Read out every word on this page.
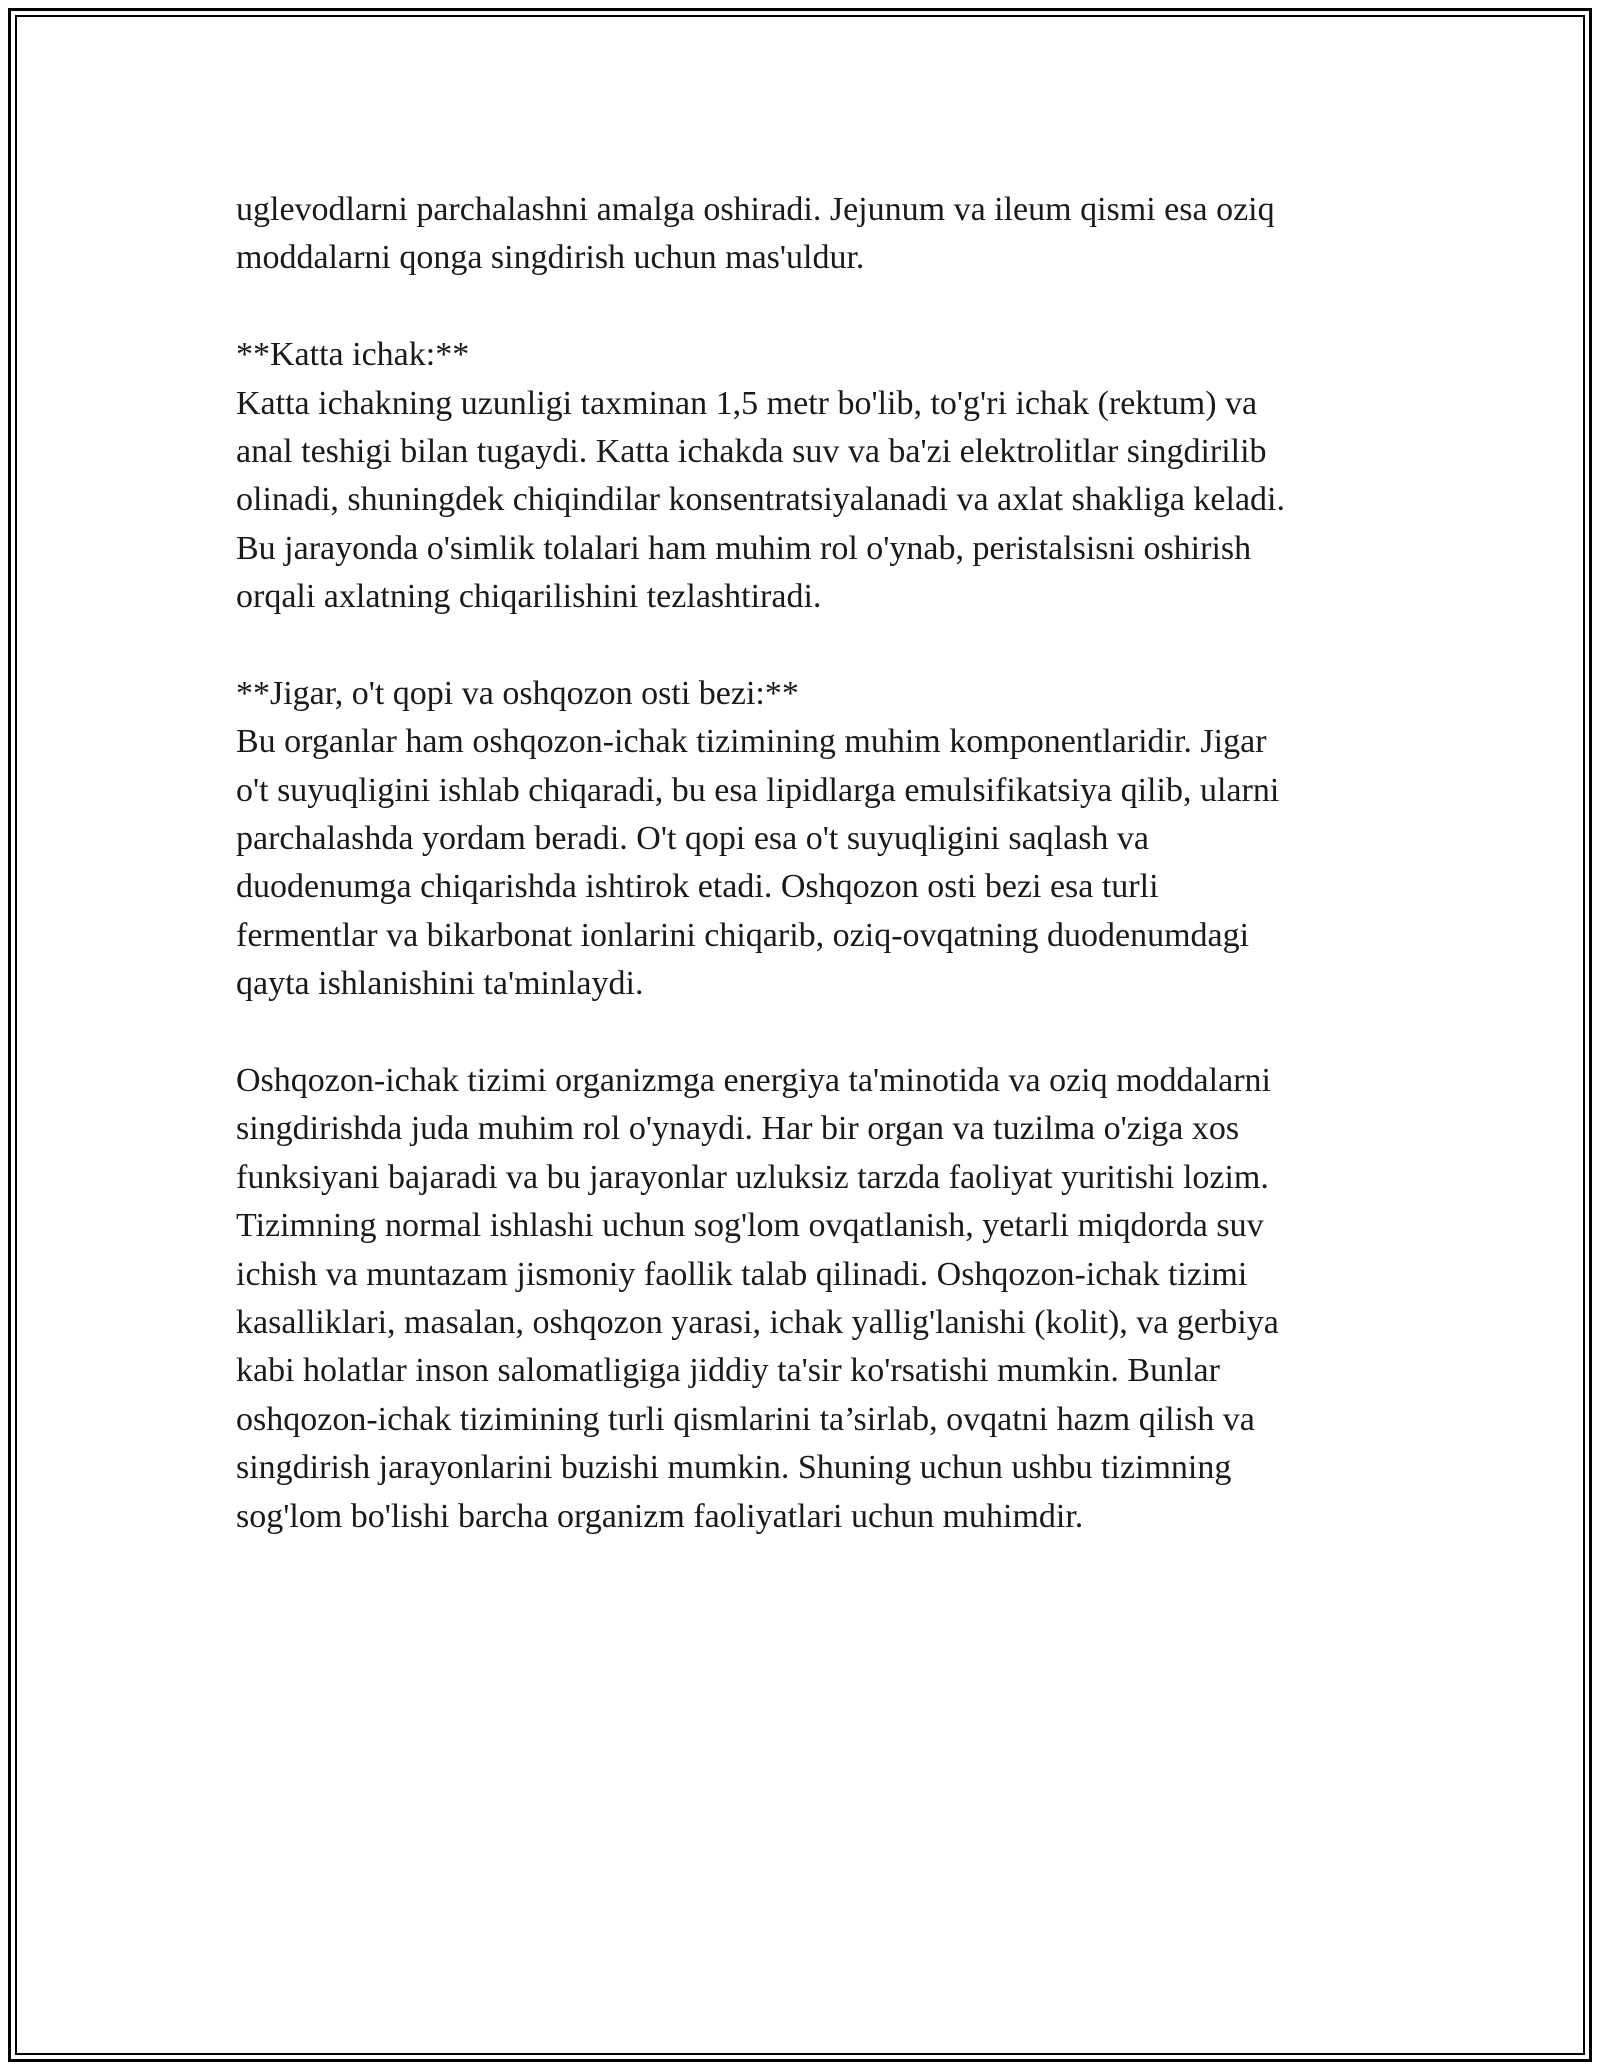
uglevodlarni parchalashni amalga oshiradi. Jejunum va ileum qismi esa oziq
moddalarni qonga singdirish uchun mas'uldur.
**Katta ichak:**
Katta ichakning uzunligi taxminan 1,5 metr bo'lib, to'g'ri ichak (rektum) va
anal teshigi bilan tugaydi. Katta ichakda suv va ba'zi elektrolitlar singdirilib
olinadi, shuningdek chiqindilar konsentratsiyalanadi va axlat shakliga keladi.
Bu jarayonda o'simlik tolalari ham muhim rol o'ynab, peristalsisni oshirish
orqali axlatning chiqarilishini tezlashtiradi.
**Jigar, o't qopi va oshqozon osti bezi:**
Bu organlar ham oshqozon-ichak tizimining muhim komponentlaridir. Jigar
o't suyuqligini ishlab chiqaradi, bu esa lipidlarga emulsifikatsiya qilib, ularni
parchalashda yordam beradi. O't qopi esa o't suyuqligini saqlash va
duodenumga chiqarishda ishtirok etadi. Oshqozon osti bezi esa turli
fermentlar va bikarbonat ionlarini chiqarib, oziq-ovqatning duodenumdagi
qayta ishlanishini ta'minlaydi.
Oshqozon-ichak tizimi organizmga energiya ta'minotida va oziq moddalarni
singdirishda juda muhim rol o'ynaydi. Har bir organ va tuzilma o'ziga xos
funksiyani bajaradi va bu jarayonlar uzluksiz tarzda faoliyat yuritishi lozim.
Tizimning normal ishlashi uchun sog'lom ovqatlanish, yetarli miqdorda suv
ichish va muntazam jismoniy faollik talab qilinadi. Oshqozon-ichak tizimi
kasalliklari, masalan, oshqozon yarasi, ichak yallig'lanishi (kolit), va gerbiya
kabi holatlar inson salomatligiga jiddiy ta'sir ko'rsatishi mumkin. Bunlar
oshqozon-ichak tizimining turli qismlarini ta’sirlab, ovqatni hazm qilish va
singdirish jarayonlarini buzishi mumkin. Shuning uchun ushbu tizimning
sog'lom bo'lishi barcha organizm faoliyatlari uchun muhimdir.
